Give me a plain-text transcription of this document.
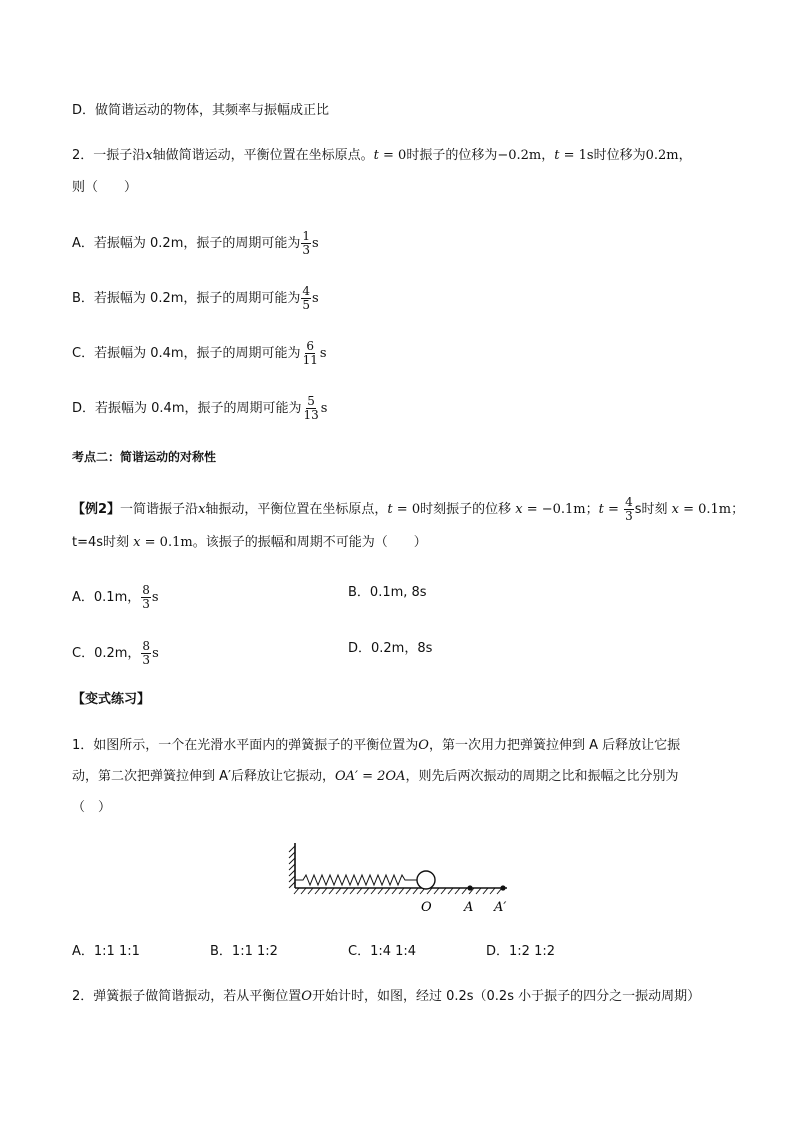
D．做简谐运动的物体，其频率与振幅成正比
2．一振子沿x轴做简谐运动，平衡位置在坐标原点。t = 0时振子的位移为−0.2m，t = 1s时位移为0.2m，
则（　　）
A．若振幅为 0.2m，振子的周期可能为 $\frac{1}{3}$ s
B．若振幅为 0.2m，振子的周期可能为 $\frac{4}{5}$ s
C．若振幅为 0.4m，振子的周期可能为 $\frac{6}{11}$ s
D．若振幅为 0.4m，振子的周期可能为 $\frac{5}{13}$ s
考点二：简谐运动的对称性
【例2】一简谐振子沿x轴振动，平衡位置在坐标原点，t = 0时刻振子的位移 x = −0.1m；$t = \frac{4}{3}$ s时刻 x = 0.1m；
t=4s时刻 x = 0.1m。该振子的振幅和周期不可能为（　　）
A．0.1m， $\frac{8}{3}$ s	B．0.1m, 8s
C．0.2m， $\frac{8}{3}$ s	D．0.2m，8s
【变式练习】
1．如图所示，一个在光滑水平面内的弹簧振子的平衡位置为O，第一次用力把弹簧拉伸到 A 后释放让它振
动，第二次把弹簧拉伸到 A′后释放让它振动，OA′ = 2OA，则先后两次振动的周期之比和振幅之比分别为
（　）
O A A′
A．1:1 1:1	B．1:1 1:2	C．1:4 1:4	D．1:2 1:2
2．弹簧振子做简谐振动，若从平衡位置O开始计时，如图，经过 0.2s（0.2s 小于振子的四分之一振动周期）
